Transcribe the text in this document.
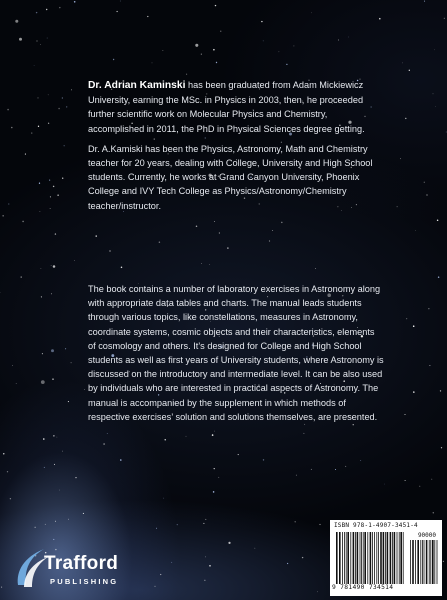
Dr. Adrian Kaminski has been graduated from Adam Mickiewicz University, earning the MSc. in Physics in 2003, then, he proceeded further scientific work on Molecular Physics and Chemistry, accomplished in 2011, the PhD in Physical Sciences degree getting.

Dr. A.Kamiski has been the Physics, Astronomy, Math and Chemistry teacher for 20 years, dealing with College, University and High School students. Currently, he works at Grand Canyon University, Phoenix College and IVY Tech College as Physics/Astronomy/Chemistry teacher/instructor.

The book contains a number of laboratory exercises in Astronomy along with appropriate data tables and charts. The manual leads students through various topics, like constellations, measures in Astronomy, coordinate systems, cosmic objects and their characteristics, elements of cosmology and others. It’s designed for College and High School students as well as first years of University students, where Astronomy is discussed on the introductory and intermediate level. It can be also used by individuals who are interested in practical aspects of Astronomy. The manual is accompanied by the supplement in which methods of respective exercises’ solution and solutions themselves, are presented.

ISBN 978-1-4907-3451-4
90000
9 781490 734514
Trafford
PUBLISHING
